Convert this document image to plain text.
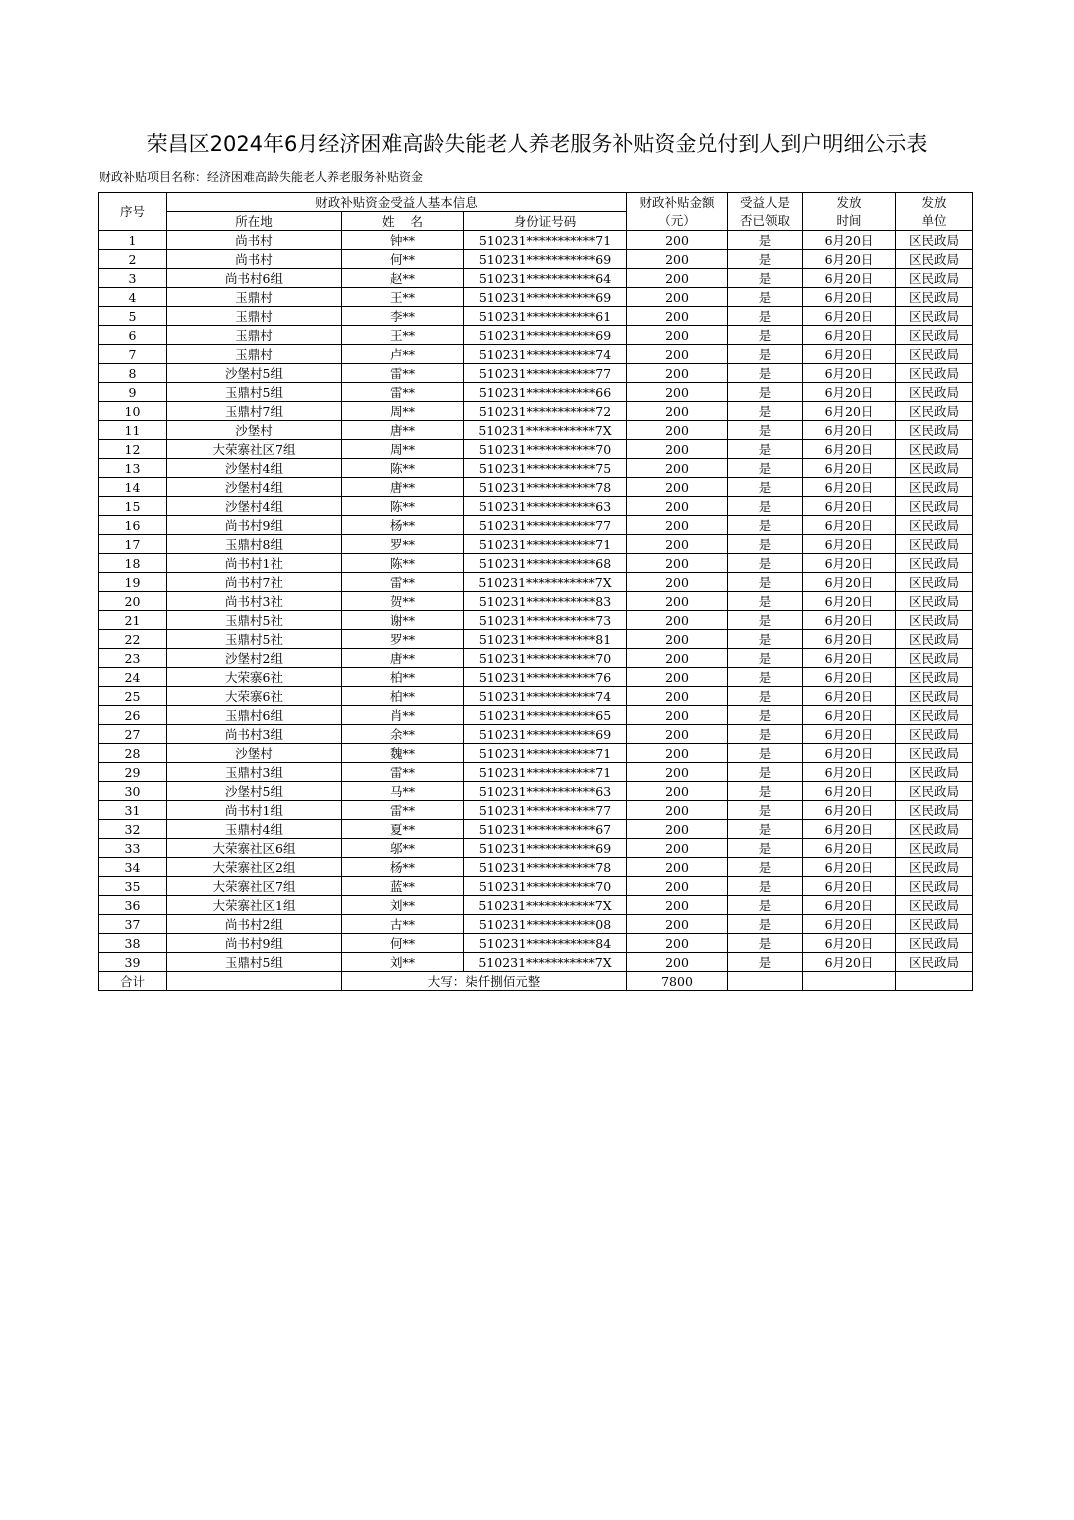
荣昌区2024年6月经济困难高龄失能老人养老服务补贴资金兑付到人到户明细公示表
财政补贴项目名称：经济困难高龄失能老人养老服务补贴资金
序号	财政补贴资金受益人基本信息			财政补贴金额	受益人是	发放	发放
	所在地	姓    名	身份证号码	（元）	否已领取	时间	单位
1	尚书村	钟**	510231***********71	200	是	6月20日	区民政局
2	尚书村	何**	510231***********69	200	是	6月20日	区民政局
3	尚书村6组	赵**	510231***********64	200	是	6月20日	区民政局
4	玉鼎村	王**	510231***********69	200	是	6月20日	区民政局
5	玉鼎村	李**	510231***********61	200	是	6月20日	区民政局
6	玉鼎村	王**	510231***********69	200	是	6月20日	区民政局
7	玉鼎村	卢**	510231***********74	200	是	6月20日	区民政局
8	沙堡村5组	雷**	510231***********77	200	是	6月20日	区民政局
9	玉鼎村5组	雷**	510231***********66	200	是	6月20日	区民政局
10	玉鼎村7组	周**	510231***********72	200	是	6月20日	区民政局
11	沙堡村	唐**	510231***********7X	200	是	6月20日	区民政局
12	大荣寨社区7组	周**	510231***********70	200	是	6月20日	区民政局
13	沙堡村4组	陈**	510231***********75	200	是	6月20日	区民政局
14	沙堡村4组	唐**	510231***********78	200	是	6月20日	区民政局
15	沙堡村4组	陈**	510231***********63	200	是	6月20日	区民政局
16	尚书村9组	杨**	510231***********77	200	是	6月20日	区民政局
17	玉鼎村8组	罗**	510231***********71	200	是	6月20日	区民政局
18	尚书村1社	陈**	510231***********68	200	是	6月20日	区民政局
19	尚书村7社	雷**	510231***********7X	200	是	6月20日	区民政局
20	尚书村3社	贺**	510231***********83	200	是	6月20日	区民政局
21	玉鼎村5社	谢**	510231***********73	200	是	6月20日	区民政局
22	玉鼎村5社	罗**	510231***********81	200	是	6月20日	区民政局
23	沙堡村2组	唐**	510231***********70	200	是	6月20日	区民政局
24	大荣寨6社	柏**	510231***********76	200	是	6月20日	区民政局
25	大荣寨6社	柏**	510231***********74	200	是	6月20日	区民政局
26	玉鼎村6组	肖**	510231***********65	200	是	6月20日	区民政局
27	尚书村3组	余**	510231***********69	200	是	6月20日	区民政局
28	沙堡村	魏**	510231***********71	200	是	6月20日	区民政局
29	玉鼎村3组	雷**	510231***********71	200	是	6月20日	区民政局
30	沙堡村5组	马**	510231***********63	200	是	6月20日	区民政局
31	尚书村1组	雷**	510231***********77	200	是	6月20日	区民政局
32	玉鼎村4组	夏**	510231***********67	200	是	6月20日	区民政局
33	大荣寨社区6组	邬**	510231***********69	200	是	6月20日	区民政局
34	大荣寨社区2组	杨**	510231***********78	200	是	6月20日	区民政局
35	大荣寨社区7组	蓝**	510231***********70	200	是	6月20日	区民政局
36	大荣寨社区1组	刘**	510231***********7X	200	是	6月20日	区民政局
37	尚书村2组	古**	510231***********08	200	是	6月20日	区民政局
38	尚书村9组	何**	510231***********84	200	是	6月20日	区民政局
39	玉鼎村5组	刘**	510231***********7X	200	是	6月20日	区民政局
合计		大写：柒仟捌佰元整		7800			
